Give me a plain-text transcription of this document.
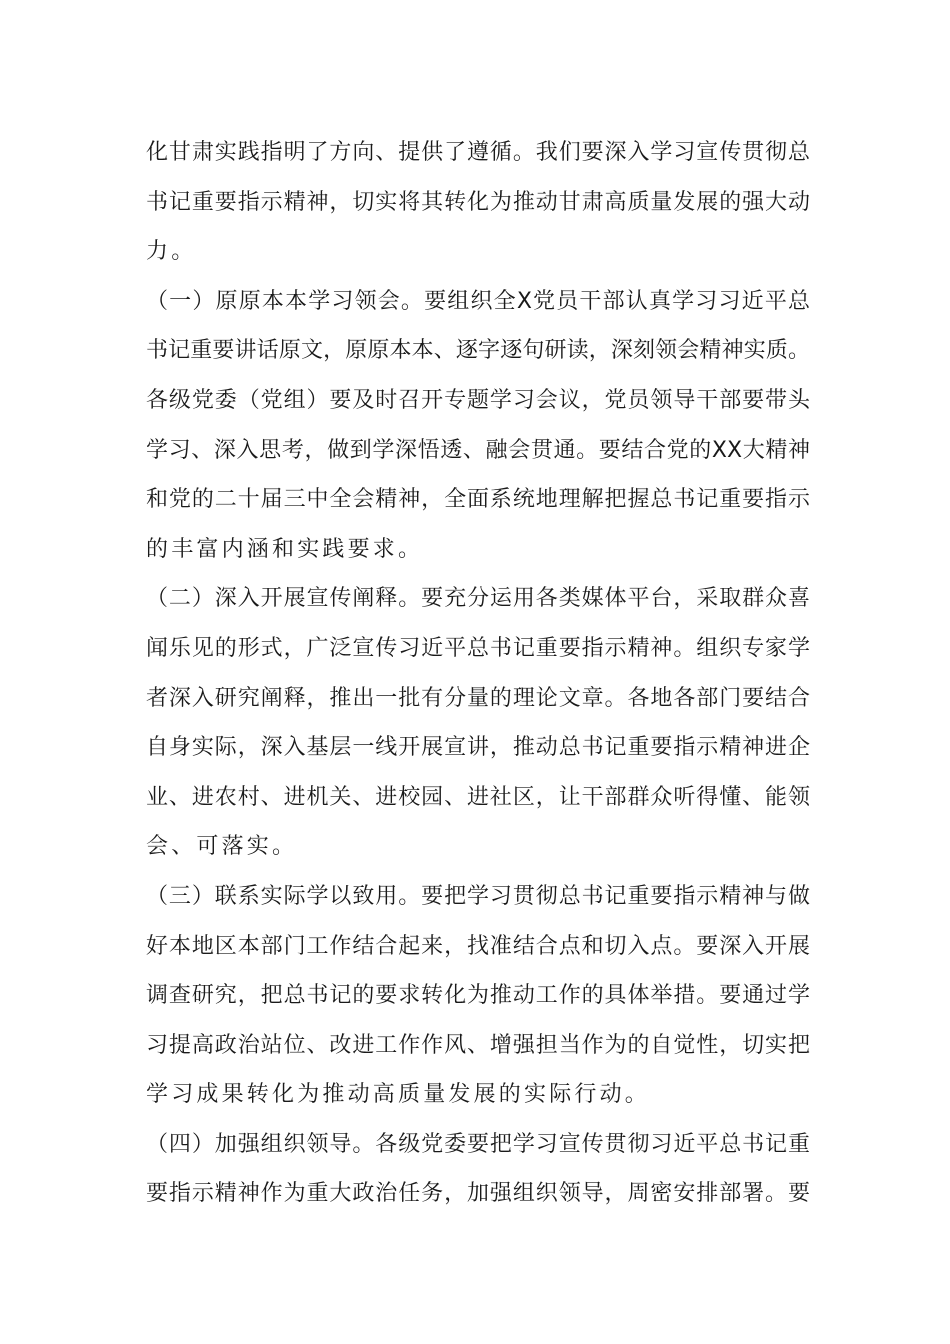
化甘肃实践指明了方向、提供了遵循。我们要深入学习宣传贯彻总
书记重要指示精神，切实将其转化为推动甘肃高质量发展的强大动
力。
（一）原原本本学习领会。要组织全X党员干部认真学习习近平总
书记重要讲话原文，原原本本、逐字逐句研读，深刻领会精神实质。
各级党委（党组）要及时召开专题学习会议，党员领导干部要带头
学习、深入思考，做到学深悟透、融会贯通。要结合党的XX大精神
和党的二十届三中全会精神，全面系统地理解把握总书记重要指示
的丰富内涵和实践要求。
（二）深入开展宣传阐释。要充分运用各类媒体平台，采取群众喜
闻乐见的形式，广泛宣传习近平总书记重要指示精神。组织专家学
者深入研究阐释，推出一批有分量的理论文章。各地各部门要结合
自身实际，深入基层一线开展宣讲，推动总书记重要指示精神进企
业、进农村、进机关、进校园、进社区，让干部群众听得懂、能领
会、可落实。
（三）联系实际学以致用。要把学习贯彻总书记重要指示精神与做
好本地区本部门工作结合起来，找准结合点和切入点。要深入开展
调查研究，把总书记的要求转化为推动工作的具体举措。要通过学
习提高政治站位、改进工作作风、增强担当作为的自觉性，切实把
学习成果转化为推动高质量发展的实际行动。
（四）加强组织领导。各级党委要把学习宣传贯彻习近平总书记重
要指示精神作为重大政治任务，加强组织领导，周密安排部署。要
